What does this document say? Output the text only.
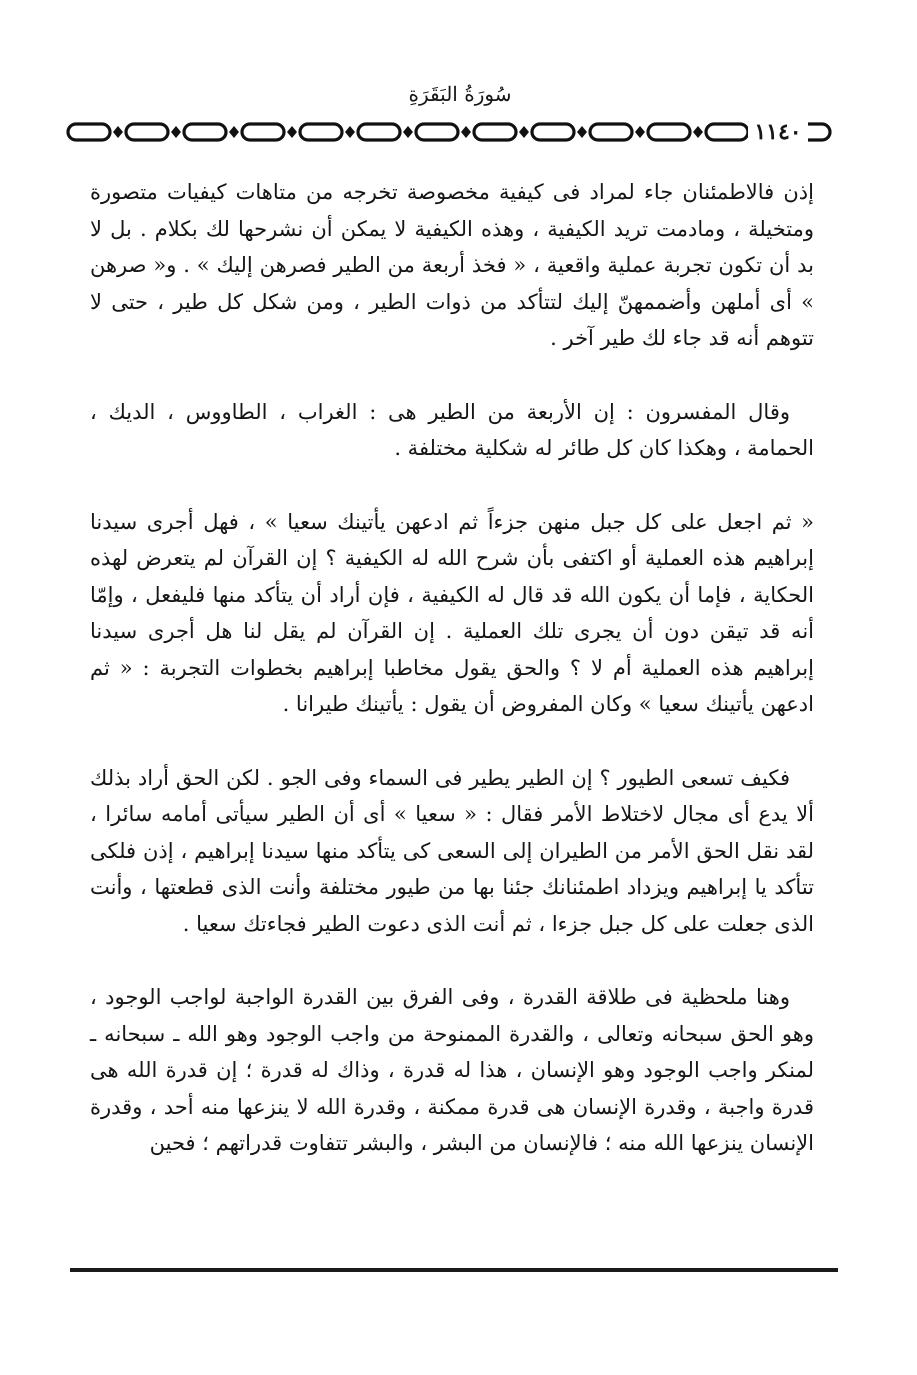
سُورَةُ البَقَرَةِ
١١٤٠

إذن فالاطمئنان جاء لمراد فى كيفية مخصوصة تخرجه من متاهات كيفيات متصورة ومتخيلة ، ومادمت تريد الكيفية ، وهذه الكيفية لا يمكن أن نشرحها لك بكلام . بل لا بد أن تكون تجربة عملية واقعية ، « فخذ أربعة من الطير فصرهن إليك » . و« صرهن » أى أملهن وأضممهنّ إليك لتتأكد من ذوات الطير ، ومن شكل كل طير ، حتى لا تتوهم أنه قد جاء لك طير آخر .

وقال المفسرون : إن الأربعة من الطير هى : الغراب ، الطاووس ، الديك ، الحمامة ، وهكذا كان كل طائر له شكلية مختلفة .

« ثم اجعل على كل جبل منهن جزءاً ثم ادعهن يأتينك سعيا » ، فهل أجرى سيدنا إبراهيم هذه العملية أو اكتفى بأن شرح الله له الكيفية ؟ إن القرآن لم يتعرض لهذه الحكاية ، فإما أن يكون الله قد قال له الكيفية ، فإن أراد أن يتأكد منها فليفعل ، وإمّا أنه قد تيقن دون أن يجرى تلك العملية . إن القرآن لم يقل لنا هل أجرى سيدنا إبراهيم هذه العملية أم لا ؟ والحق يقول مخاطبا إبراهيم بخطوات التجربة : « ثم ادعهن يأتينك سعيا » وكان المفروض أن يقول : يأتينك طيرانا .

فكيف تسعى الطيور ؟ إن الطير يطير فى السماء وفى الجو . لكن الحق أراد بذلك ألا يدع أى مجال لاختلاط الأمر فقال : « سعيا » أى أن الطير سيأتى أمامه سائرا ، لقد نقل الحق الأمر من الطيران إلى السعى كى يتأكد منها سيدنا إبراهيم ، إذن فلكى تتأكد يا إبراهيم ويزداد اطمئنانك جئنا بها من طيور مختلفة وأنت الذى قطعتها ، وأنت الذى جعلت على كل جبل جزءا ، ثم أنت الذى دعوت الطير فجاءتك سعيا .

وهنا ملحظية فى طلاقة القدرة ، وفى الفرق بين القدرة الواجبة لواجب الوجود ، وهو الحق سبحانه وتعالى ، والقدرة الممنوحة من واجب الوجود وهو الله ـ سبحانه ـ لمنكر واجب الوجود وهو الإنسان ، هذا له قدرة ، وذاك له قدرة ؛ إن قدرة الله هى قدرة واجبة ، وقدرة الإنسان هى قدرة ممكنة ، وقدرة الله لا ينزعها منه أحد ، وقدرة الإنسان ينزعها الله منه ؛ فالإنسان من البشر ، والبشر تتفاوت قدراتهم ؛ فحين
